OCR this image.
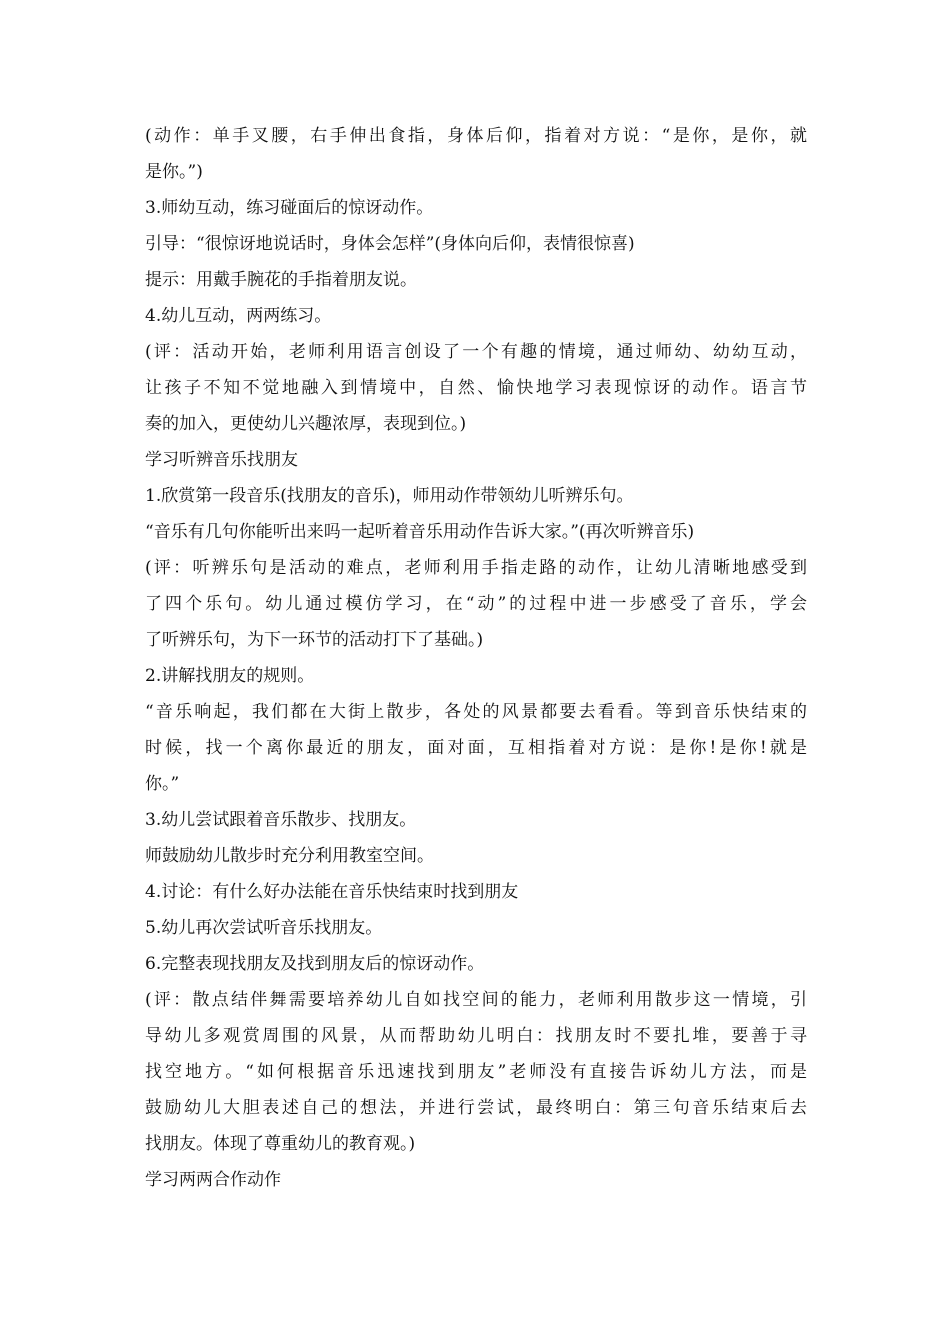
(动作：单手叉腰，右手伸出食指，身体后仰，指着对方说：“是你，是你，就

是你。”)

3.师幼互动，练习碰面后的惊讶动作。

引导：“很惊讶地说话时，身体会怎样”(身体向后仰，表情很惊喜)

提示：用戴手腕花的手指着朋友说。

4.幼儿互动，两两练习。

(评：活动开始，老师利用语言创设了一个有趣的情境，通过师幼、幼幼互动，

让孩子不知不觉地融入到情境中，自然、愉快地学习表现惊讶的动作。语言节

奏的加入，更使幼儿兴趣浓厚，表现到位。)

学习听辨音乐找朋友

1.欣赏第一段音乐(找朋友的音乐)，师用动作带领幼儿听辨乐句。

“音乐有几句你能听出来吗一起听着音乐用动作告诉大家。”(再次听辨音乐)

(评：听辨乐句是活动的难点，老师利用手指走路的动作，让幼儿清晰地感受到

了四个乐句。幼儿通过模仿学习，在“动”的过程中进一步感受了音乐，学会

了听辨乐句，为下一环节的活动打下了基础。)

2.讲解找朋友的规则。

“音乐响起，我们都在大街上散步，各处的风景都要去看看。等到音乐快结束的

时候，找一个离你最近的朋友，面对面，互相指着对方说：是你!是你!就是

你。”

3.幼儿尝试跟着音乐散步、找朋友。

师鼓励幼儿散步时充分利用教室空间。

4.讨论：有什么好办法能在音乐快结束时找到朋友

5.幼儿再次尝试听音乐找朋友。

6.完整表现找朋友及找到朋友后的惊讶动作。

(评：散点结伴舞需要培养幼儿自如找空间的能力，老师利用散步这一情境，引

导幼儿多观赏周围的风景，从而帮助幼儿明白：找朋友时不要扎堆，要善于寻

找空地方。“如何根据音乐迅速找到朋友”老师没有直接告诉幼儿方法，而是

鼓励幼儿大胆表述自己的想法，并进行尝试，最终明白：第三句音乐结束后去

找朋友。体现了尊重幼儿的教育观。)

学习两两合作动作
